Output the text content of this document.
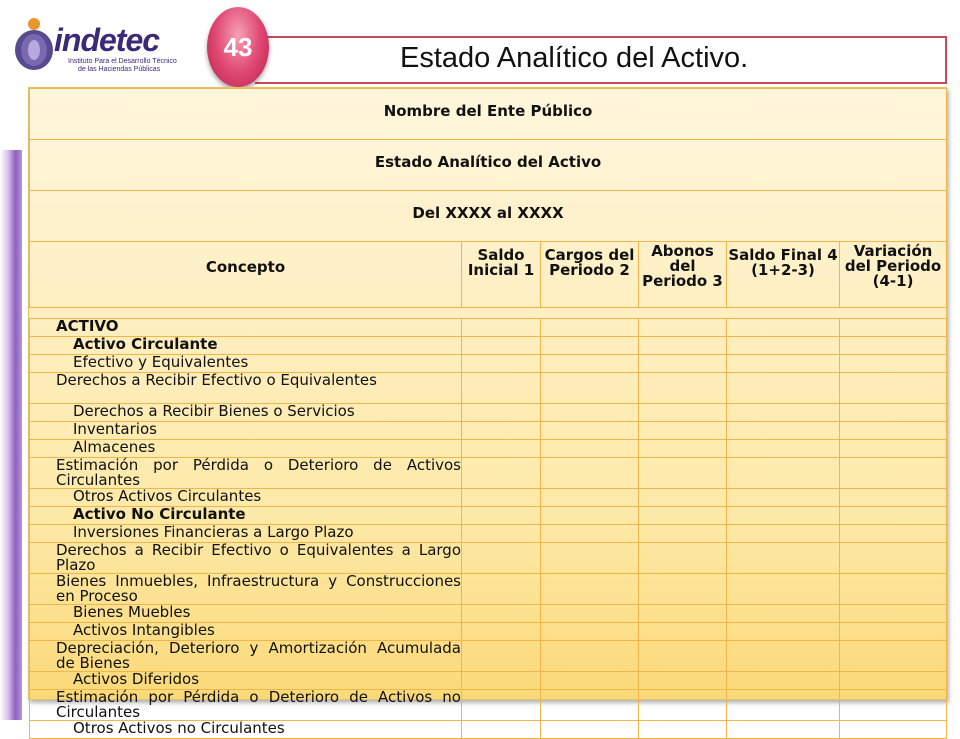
indetec
Instituto Para el Desarrollo Técnico
de las Haciendas Públicas
43	Estado Analítico del Activo.
Nombre del Ente Público					
Estado Analítico del Activo					
Del XXXX al XXXX					
Concepto	Saldo Inicial 1	Cargos del Periodo 2	Abonos del Periodo 3	Saldo Final 4 (1+2-3)	Variación del Periodo (4-1)

ACTIVO					
Activo Circulante					
Efectivo y Equivalentes					
Derechos a Recibir Efectivo o Equivalentes					
Derechos a Recibir Bienes o Servicios					
Inventarios					
Almacenes					
Estimación por Pérdida o Deterioro de Activos Circulantes					
Otros Activos Circulantes					
Activo No Circulante					
Inversiones Financieras a Largo Plazo					
Derechos a Recibir Efectivo o Equivalentes a Largo Plazo					
Bienes Inmuebles, Infraestructura y Construcciones en Proceso					
Bienes Muebles					
Activos Intangibles					
Depreciación, Deterioro y Amortización Acumulada de Bienes					
Activos Diferidos					
Estimación por Pérdida o Deterioro de Activos no Circulantes					
Otros Activos no Circulantes					
